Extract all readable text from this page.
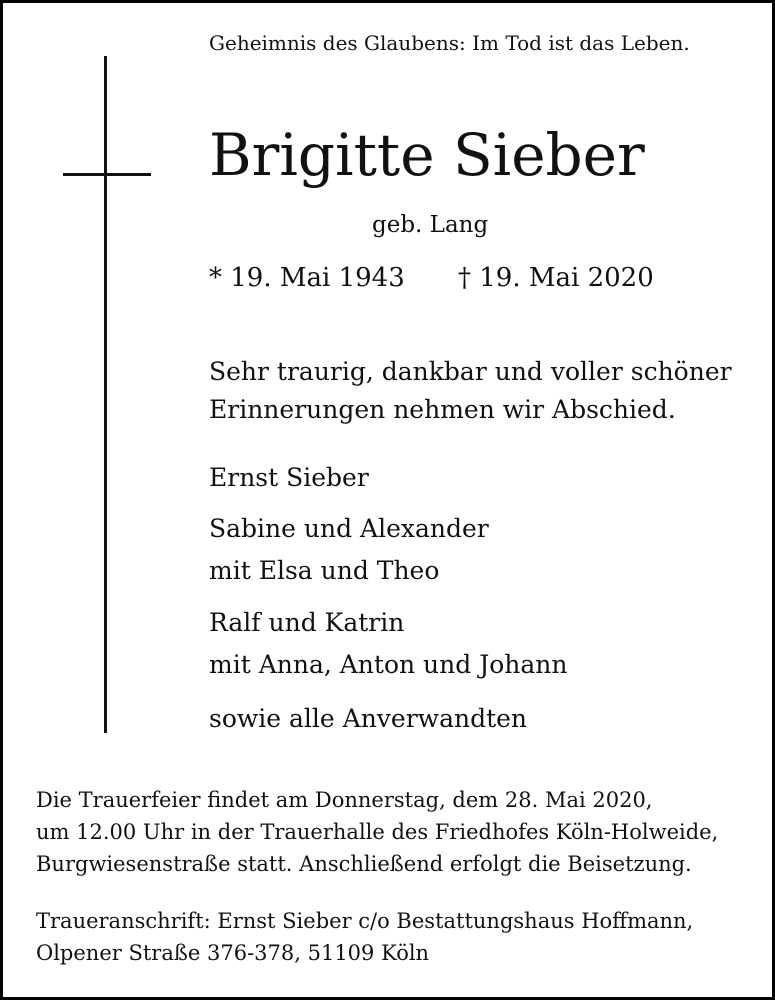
Geheimnis des Glaubens: Im Tod ist das Leben.
Brigitte Sieber
geb. Lang
* 19. Mai 1943 † 19. Mai 2020
Sehr traurig, dankbar und voller schöner
Erinnerungen nehmen wir Abschied.
Ernst Sieber
Sabine und Alexander
mit Elsa und Theo
Ralf und Katrin
mit Anna, Anton und Johann
sowie alle Anverwandten
Die Trauerfeier findet am Donnerstag, dem 28. Mai 2020,
um 12.00 Uhr in der Trauerhalle des Friedhofes Köln-Holweide,
Burgwiesenstraße statt. Anschließend erfolgt die Beisetzung.
Traueranschrift: Ernst Sieber c/o Bestattungshaus Hoffmann,
Olpener Straße 376-378, 51109 Köln
